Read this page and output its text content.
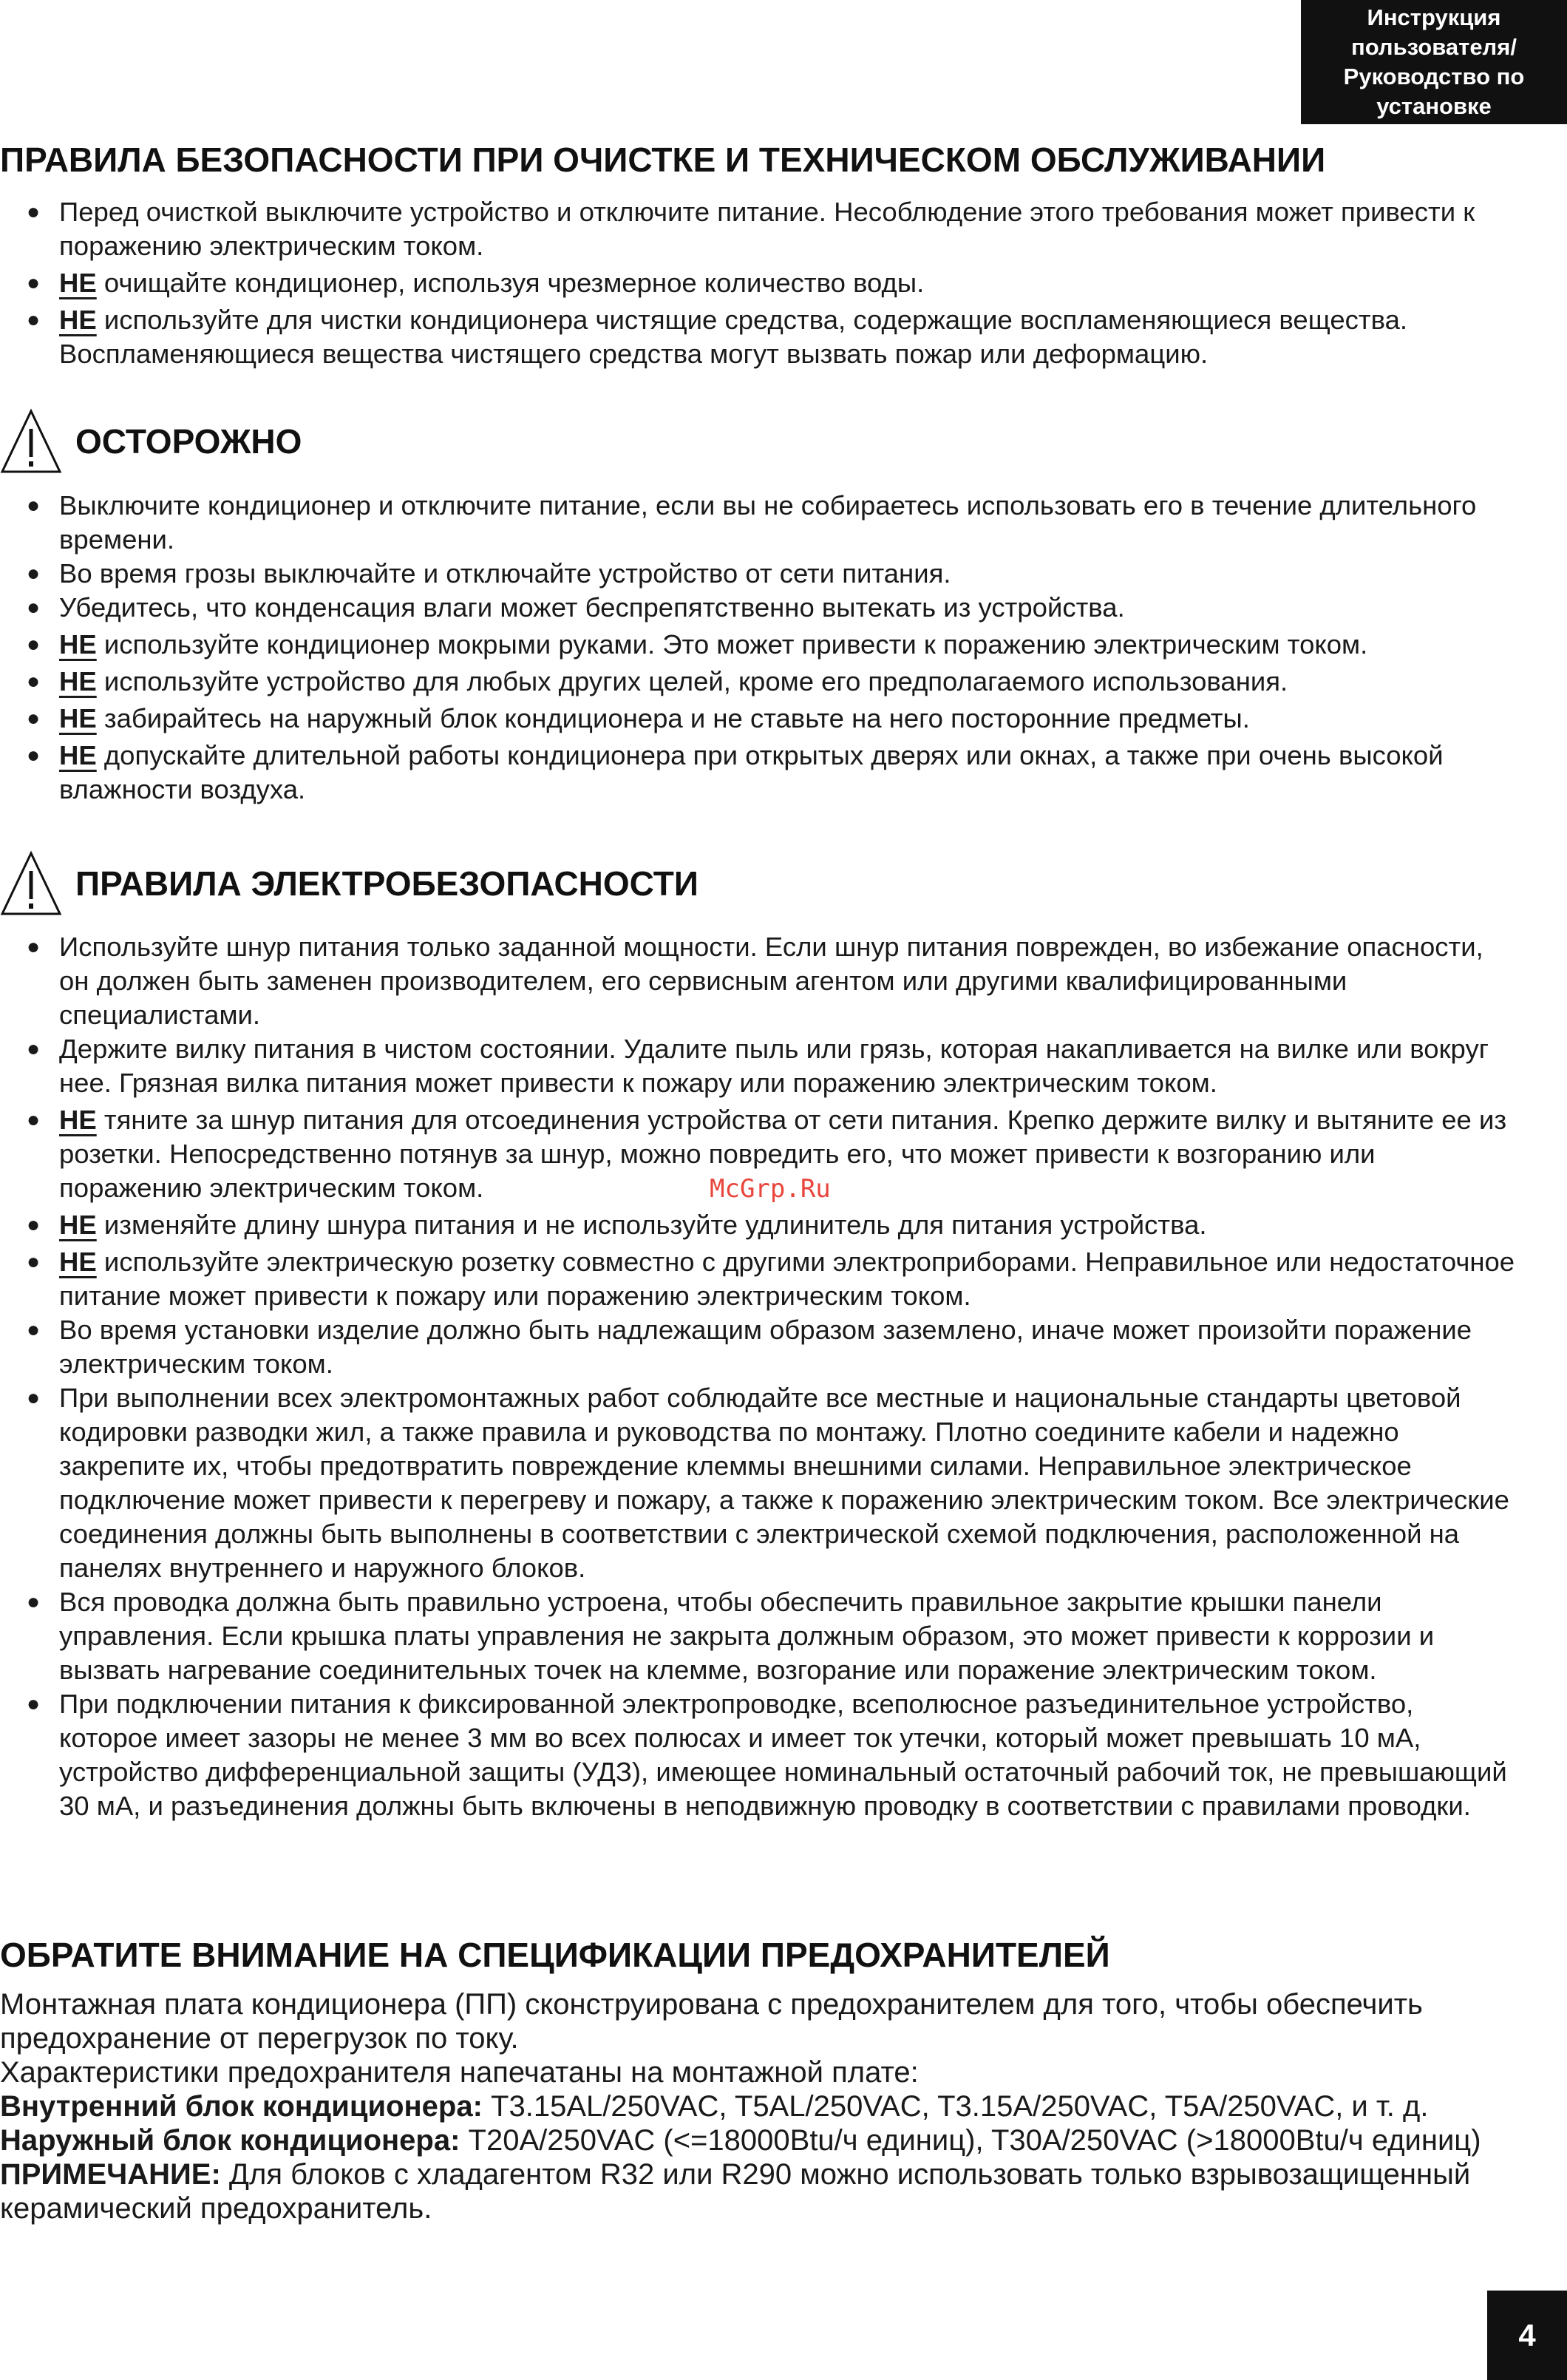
Инструкция
пользователя/
Руководство по
установке
ПРАВИЛА БЕЗОПАСНОСТИ ПРИ ОЧИСТКЕ И ТЕХНИЧЕСКОМ ОБСЛУЖИВАНИИ
● Перед очисткой выключите устройство и отключите питание. Несоблюдение этого требования может привести к поражению электрическим током.
● НЕ очищайте кондиционер, используя чрезмерное количество воды.
● НЕ используйте для чистки кондиционера чистящие средства, содержащие воспламеняющиеся вещества. Воспламеняющиеся вещества чистящего средства могут вызвать пожар или деформацию.
ОСТОРОЖНО
● Выключите кондиционер и отключите питание, если вы не собираетесь использовать его в течение длительного времени.
● Во время грозы выключайте и отключайте устройство от сети питания.
● Убедитесь, что конденсация влаги может беспрепятственно вытекать из устройства.
● НЕ используйте кондиционер мокрыми руками. Это может привести к поражению электрическим током.
● НЕ используйте устройство для любых других целей, кроме его предполагаемого использования.
● НЕ забирайтесь на наружный блок кондиционера и не ставьте на него посторонние предметы.
● НЕ допускайте длительной работы кондиционера при открытых дверях или окнах, а также при очень высокой влажности воздуха.
ПРАВИЛА ЭЛЕКТРОБЕЗОПАСНОСТИ
● Используйте шнур питания только заданной мощности. Если шнур питания поврежден, во избежание опасности, он должен быть заменен производителем, его сервисным агентом или другими квалифицированными специалистами.
● Держите вилку питания в чистом состоянии. Удалите пыль или грязь, которая накапливается на вилке или вокруг нее. Грязная вилка питания может привести к пожару или поражению электрическим током.
● НЕ тяните за шнур питания для отсоединения устройства от сети питания. Крепко держите вилку и вытяните ее из розетки. Непосредственно потянув за шнур, можно повредить его, что может привести к возгоранию или поражению электрическим током.
● НЕ изменяйте длину шнура питания и не используйте удлинитель для питания устройства.
● НЕ используйте электрическую розетку совместно с другими электроприборами. Неправильное или недостаточное питание может привести к пожару или поражению электрическим током.
● Во время установки изделие должно быть надлежащим образом заземлено, иначе может произойти поражение электрическим током.
● При выполнении всех электромонтажных работ соблюдайте все местные и национальные стандарты цветовой кодировки разводки жил, а также правила и руководства по монтажу. Плотно соедините кабели и надежно закрепите их, чтобы предотвратить повреждение клеммы внешними силами. Неправильное электрическое подключение может привести к перегреву и пожару, а также к поражению электрическим током. Все электрические соединения должны быть выполнены в соответствии с электрической схемой подключения, расположенной на панелях внутреннего и наружного блоков.
● Вся проводка должна быть правильно устроена, чтобы обеспечить правильное закрытие крышки панели управления. Если крышка платы управления не закрыта должным образом, это может привести к коррозии и вызвать нагревание соединительных точек на клемме, возгорание или поражение электрическим током.
● При подключении питания к фиксированной электропроводке, всеполюсное разъединительное устройство, которое имеет зазоры не менее 3 мм во всех полюсах и имеет ток утечки, который может превышать 10 мА, устройство дифференциальной защиты (УДЗ), имеющее номинальный остаточный рабочий ток, не превышающий 30 мА, и разъединения должны быть включены в неподвижную проводку в соответствии с правилами проводки.
McGrp.Ru
ОБРАТИТЕ ВНИМАНИЕ НА СПЕЦИФИКАЦИИ ПРЕДОХРАНИТЕЛЕЙ

Монтажная плата кондиционера (ПП) сконструирована с предохранителем для того, чтобы обеспечить предохранение от перегрузок по току.

Характеристики предохранителя напечатаны на монтажной плате:

Внутренний блок кондиционера: T3.15AL/250VAC, T5AL/250VAC, T3.15A/250VAC, T5A/250VAC, и т. д.

Наружный блок кондиционера: T20A/250VAC (<=18000Btu/ч единиц), T30A/250VAC (>18000Btu/ч единиц)

ПРИМЕЧАНИЕ: Для блоков с хладагентом R32 или R290 можно использовать только взрывозащищенный керамический предохранитель.

4
